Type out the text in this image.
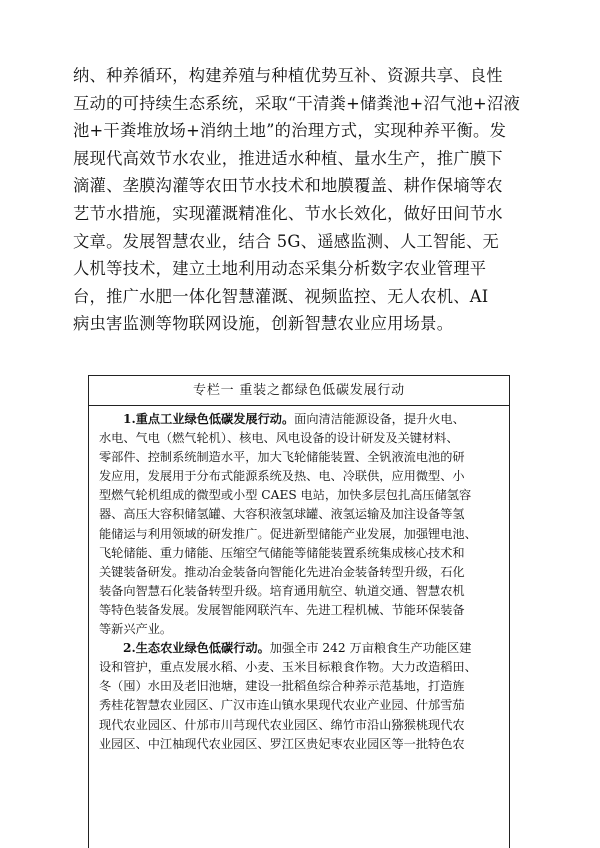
纳、种养循环，构建养殖与种植优势互补、资源共享、良性
互动的可持续生态系统，采取“干清粪+储粪池+沼气池+沼液
池+干粪堆放场+消纳土地”的治理方式，实现种养平衡。发
展现代高效节水农业，推进适水种植、量水生产，推广膜下
滴灌、垄膜沟灌等农田节水技术和地膜覆盖、耕作保墒等农
艺节水措施，实现灌溉精准化、节水长效化，做好田间节水
文章。发展智慧农业，结合 5G、遥感监测、人工智能、无
人机等技术，建立土地利用动态采集分析数字农业管理平
台，推广水肥一体化智慧灌溉、视频监控、无人农机、AI
病虫害监测等物联网设施，创新智慧农业应用场景。
专栏一 重装之都绿色低碳发展行动
1.重点工业绿色低碳发展行动。面向清洁能源设备，提升火电、
水电、气电（燃气轮机）、核电、风电设备的设计研发及关键材料、
零部件、控制系统制造水平，加大飞轮储能装置、全钒液流电池的研
发应用，发展用于分布式能源系统及热、电、冷联供，应用微型、小
型燃气轮机组成的微型或小型 CAES 电站，加快多层包扎高压储氢容
器、高压大容积储氢罐、大容积液氢球罐、液氢运输及加注设备等氢
能储运与利用领域的研发推广。促进新型储能产业发展，加强锂电池、
飞轮储能、重力储能、压缩空气储能等储能装置系统集成核心技术和
关键装备研发。推动冶金装备向智能化先进冶金装备转型升级，石化
装备向智慧石化装备转型升级。培育通用航空、轨道交通、智慧农机
等特色装备发展。发展智能网联汽车、先进工程机械、节能环保装备
等新兴产业。
2.生态农业绿色低碳行动。加强全市 242 万亩粮食生产功能区建
设和管护，重点发展水稻、小麦、玉米目标粮食作物。大力改造稻田、
冬（囤）水田及老旧池塘，建设一批稻鱼综合种养示范基地，打造旌
秀桂花智慧农业园区、广汉市连山镇水果现代农业产业园、什邡雪茄
现代农业园区、什邡市川芎现代农业园区、绵竹市沿山猕猴桃现代农
业园区、中江柚现代农业园区、罗江区贵妃枣农业园区等一批特色农
